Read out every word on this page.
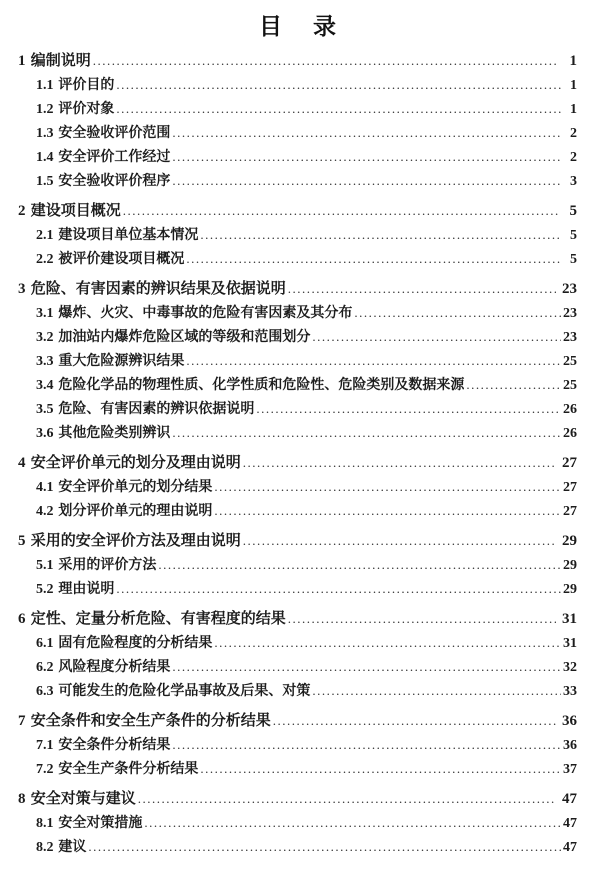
目 录
1 编制说明 .....	1
1.1 评价目的 .....	1
1.2 评价对象 .....	1
1.3 安全验收评价范围 .....	2
1.4 安全评价工作经过 .....	2
1.5 安全验收评价程序 .....	3
2 建设项目概况 .....	5
2.1 建设项目单位基本情况 .....	5
2.2 被评价建设项目概况 .....	5
3 危险、有害因素的辨识结果及依据说明 .....	23
3.1 爆炸、火灾、中毒事故的危险有害因素及其分布 .....	23
3.2 加油站内爆炸危险区域的等级和范围划分 .....	23
3.3 重大危险源辨识结果 .....	25
3.4 危险化学品的物理性质、化学性质和危险性、危险类别及数据来源 .....	25
3.5 危险、有害因素的辨识依据说明 .....	26
3.6 其他危险类别辨识 .....	26
4 安全评价单元的划分及理由说明 .....	27
4.1 安全评价单元的划分结果 .....	27
4.2 划分评价单元的理由说明 .....	27
5 采用的安全评价方法及理由说明 .....	29
5.1 采用的评价方法 .....	29
5.2 理由说明 .....	29
6 定性、定量分析危险、有害程度的结果 .....	31
6.1 固有危险程度的分析结果 .....	31
6.2 风险程度分析结果 .....	32
6.3 可能发生的危险化学品事故及后果、对策 .....	33
7 安全条件和安全生产条件的分析结果 .....	36
7.1 安全条件分析结果 .....	36
7.2 安全生产条件分析结果 .....	37
8 安全对策与建议 .....	47
8.1 安全对策措施 .....	47
8.2 建议 .....	47
